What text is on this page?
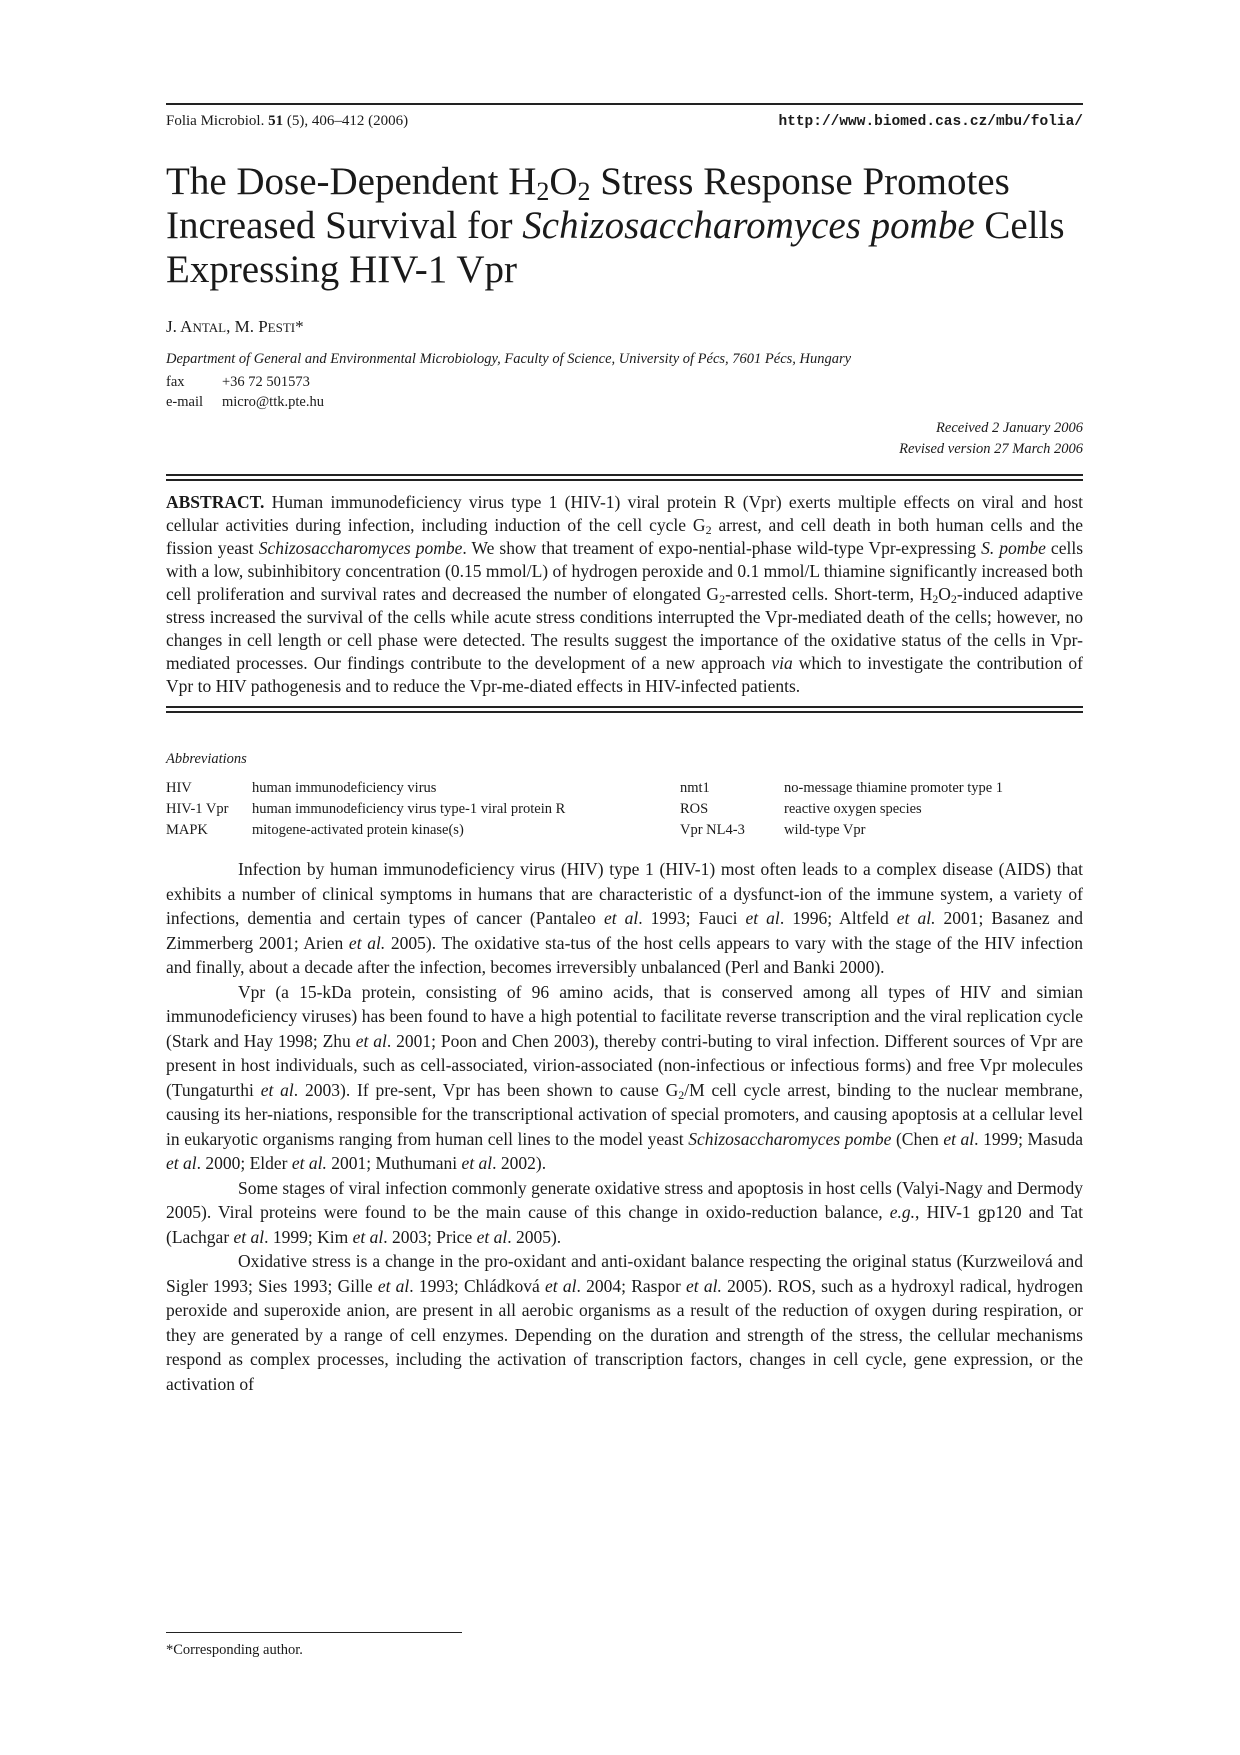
Folia Microbiol. 51 (5), 406–412 (2006)	http://www.biomed.cas.cz/mbu/folia/
The Dose-Dependent $H_2O_2$ Stress Response Promotes Increased Survival for Schizosaccharomyces pombe Cells Expressing HIV-1 Vpr
J. ANTAL, M. PESTI*
Department of General and Environmental Microbiology, Faculty of Science, University of Pécs, 7601 Pécs, Hungary
fax	+36 72 501573
e-mail micro@ttk.pte.hu
Received 2 January 2006
Revised version 27 March 2006
ABSTRACT. Human immunodeficiency virus type 1 (HIV-1) viral protein R (Vpr) exerts multiple effects on viral and host cellular activities during infection, including induction of the cell cycle $G_2$ arrest, and cell death in both human cells and the fission yeast Schizosaccharomyces pombe. We show that treament of expo-nential-phase wild-type Vpr-expressing S. pombe cells with a low, subinhibitory concentration (0.15 mmol/L) of hydrogen peroxide and 0.1 mmol/L thiamine significantly increased both cell proliferation and survival rates and decreased the number of elongated $G_2$-arrested cells. Short-term, $H_2O_2$-induced adaptive stress increased the survival of the cells while acute stress conditions interrupted the Vpr-mediated death of the cells; however, no changes in cell length or cell phase were detected. The results suggest the importance of the oxidative status of the cells in Vpr-mediated processes. Our findings contribute to the development of a new approach via which to investigate the contribution of Vpr to HIV pathogenesis and to reduce the Vpr-me-diated effects in HIV-infected patients.
Abbreviations
HIV	human immunodeficiency virus	nmt1	no-message thiamine promoter type 1
HIV-1 Vpr	human immunodeficiency virus type-1 viral protein R	ROS	reactive oxygen species
MAPK	mitogene-activated protein kinase(s)	Vpr NL4-3	wild-type Vpr

Infection by human immunodeficiency virus (HIV) type 1 (HIV-1) most often leads to a complex disease (AIDS) that exhibits a number of clinical symptoms in humans that are characteristic of a dysfunct-ion of the immune system, a variety of infections, dementia and certain types of cancer (Pantaleo et al. 1993; Fauci et al. 1996; Altfeld et al. 2001; Basanez and Zimmerberg 2001; Arien et al. 2005). The oxidative sta-tus of the host cells appears to vary with the stage of the HIV infection and finally, about a decade after the infection, becomes irreversibly unbalanced (Perl and Banki 2000).

Vpr (a 15-kDa protein, consisting of 96 amino acids, that is conserved among all types of HIV and simian immunodeficiency viruses) has been found to have a high potential to facilitate reverse transcription and the viral replication cycle (Stark and Hay 1998; Zhu et al. 2001; Poon and Chen 2003), thereby contri-buting to viral infection. Different sources of Vpr are present in host individuals, such as cell-associated, virion-associated (non-infectious or infectious forms) and free Vpr molecules (Tungaturthi et al. 2003). If pre-sent, Vpr has been shown to cause $G_2/M$ cell cycle arrest, binding to the nuclear membrane, causing its her-niations, responsible for the transcriptional activation of special promoters, and causing apoptosis at a cellular level in eukaryotic organisms ranging from human cell lines to the model yeast Schizosaccharomyces pombe (Chen et al. 1999; Masuda et al. 2000; Elder et al. 2001; Muthumani et al. 2002).

Some stages of viral infection commonly generate oxidative stress and apoptosis in host cells (Valyi-Nagy and Dermody 2005). Viral proteins were found to be the main cause of this change in oxido-reduction balance, e.g., HIV-1 gp120 and Tat (Lachgar et al. 1999; Kim et al. 2003; Price et al. 2005).

Oxidative stress is a change in the pro-oxidant and anti-oxidant balance respecting the original status (Kurzweilová and Sigler 1993; Sies 1993; Gille et al. 1993; Chládková et al. 2004; Raspor et al. 2005). ROS, such as a hydroxyl radical, hydrogen peroxide and superoxide anion, are present in all aerobic organisms as a result of the reduction of oxygen during respiration, or they are generated by a range of cell enzymes. Depending on the duration and strength of the stress, the cellular mechanisms respond as complex processes, including the activation of transcription factors, changes in cell cycle, gene expression, or the activation of

*Corresponding author.
